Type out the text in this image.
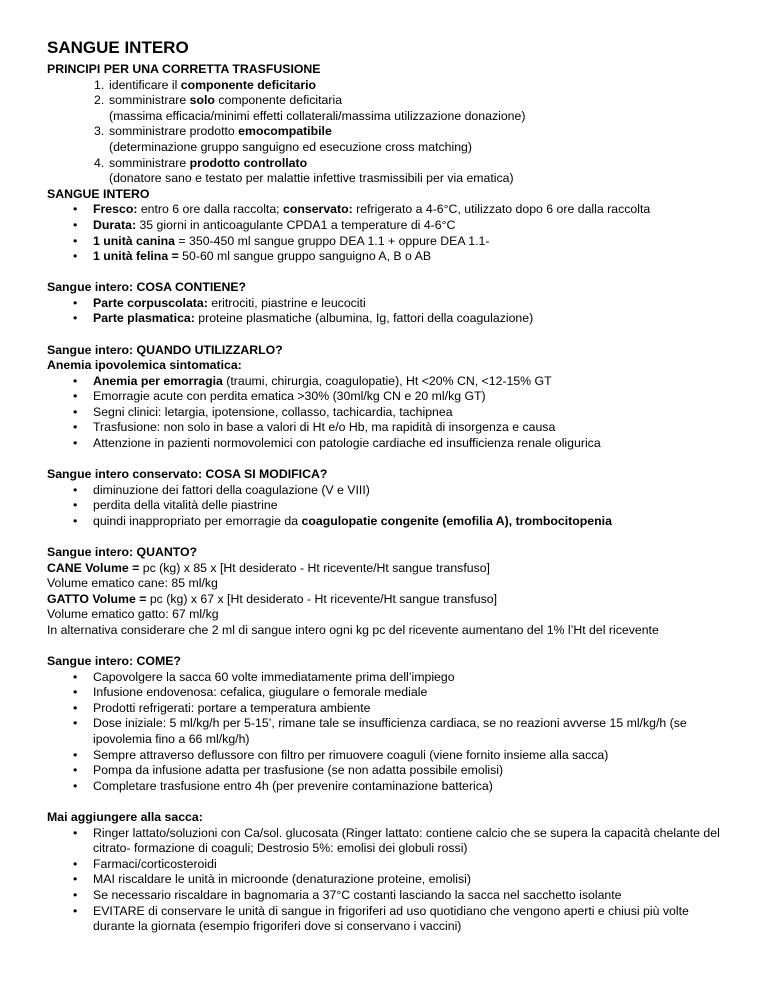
SANGUE INTERO
PRINCIPI PER UNA CORRETTA TRASFUSIONE
1. identificare il componente deficitario
2. somministrare solo componente deficitaria
(massima efficacia/minimi effetti collaterali/massima utilizzazione donazione)
3. somministrare prodotto emocompatibile
(determinazione gruppo sanguigno ed esecuzione cross matching)
4. somministrare prodotto controllato
(donatore sano e testato per malattie infettive trasmissibili per via ematica)
SANGUE INTERO
• Fresco: entro 6 ore dalla raccolta; conservato: refrigerato a 4-6°C, utilizzato dopo 6 ore dalla raccolta
• Durata: 35 giorni in anticoagulante CPDA1 a temperature di 4-6°C
• 1 unità canina = 350-450 ml sangue gruppo DEA 1.1 + oppure DEA 1.1-
• 1 unità felina = 50-60 ml sangue gruppo sanguigno A, B o AB
Sangue intero: COSA CONTIENE?
• Parte corpuscolata: eritrociti, piastrine e leucociti
• Parte plasmatica: proteine plasmatiche (albumina, Ig, fattori della coagulazione)
Sangue intero: QUANDO UTILIZZARLO?
Anemia ipovolemica sintomatica:
• Anemia per emorragia (traumi, chirurgia, coagulopatie), Ht <20% CN, <12-15% GT
• Emorragie acute con perdita ematica >30% (30ml/kg CN e 20 ml/kg GT)
• Segni clinici: letargia, ipotensione, collasso, tachicardia, tachipnea
• Trasfusione: non solo in base a valori di Ht e/o Hb, ma rapidità di insorgenza e causa
• Attenzione in pazienti normovolemici con patologie cardiache ed insufficienza renale oligurica
Sangue intero conservato: COSA SI MODIFICA?
• diminuzione dei fattori della coagulazione (V e VIII)
• perdita della vitalità delle piastrine
• quindi inappropriato per emorragie da coagulopatie congenite (emofilia A), trombocitopenia
Sangue intero: QUANTO?
CANE Volume = pc (kg) x 85 x [Ht desiderato - Ht ricevente/Ht sangue transfuso]
Volume ematico cane: 85 ml/kg
GATTO Volume = pc (kg) x 67 x [Ht desiderato - Ht ricevente/Ht sangue transfuso]
Volume ematico gatto: 67 ml/kg
In alternativa considerare che 2 ml di sangue intero ogni kg pc del ricevente aumentano del 1% l’Ht del ricevente
Sangue intero: COME?
• Capovolgere la sacca 60 volte immediatamente prima dell’impiego
• Infusione endovenosa: cefalica, giugulare o femorale mediale
• Prodotti refrigerati: portare a temperatura ambiente
• Dose iniziale: 5 ml/kg/h per 5-15’, rimane tale se insufficienza cardiaca, se no reazioni avverse 15 ml/kg/h (se ipovolemia fino a 66 ml/kg/h)
• Sempre attraverso deflussore con filtro per rimuovere coaguli (viene fornito insieme alla sacca)
• Pompa da infusione adatta per trasfusione (se non adatta possibile emolisi)
• Completare trasfusione entro 4h (per prevenire contaminazione batterica)
Mai aggiungere alla sacca:
• Ringer lattato/soluzioni con Ca/sol. glucosata (Ringer lattato: contiene calcio che se supera la capacità chelante del citrato- formazione di coaguli; Destrosio 5%: emolisi dei globuli rossi)
• Farmaci/corticosteroidi
• MAI riscaldare le unità in microonde (denaturazione proteine, emolisi)
• Se necessario riscaldare in bagnomaria a 37°C costanti lasciando la sacca nel sacchetto isolante
• EVITARE di conservare le unità di sangue in frigoriferi ad uso quotidiano che vengono aperti e chiusi più volte durante la giornata (esempio frigoriferi dove si conservano i vaccini)
